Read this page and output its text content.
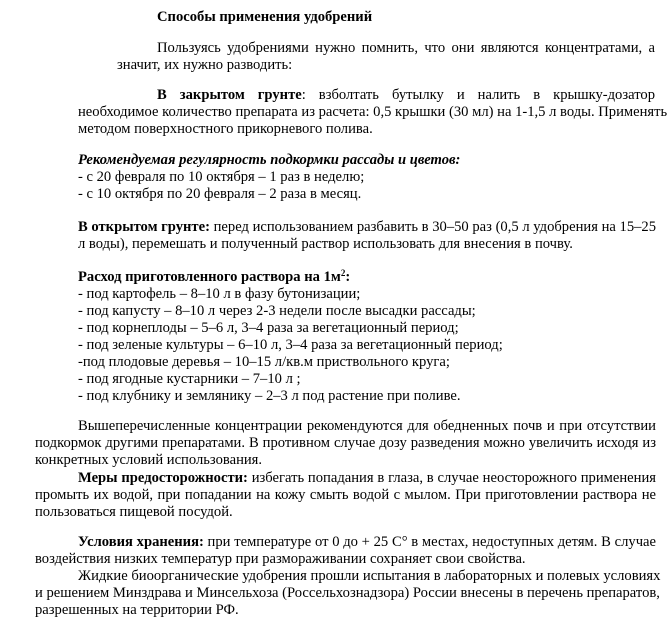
Способы применения удобрений
Пользуясь удобрениями нужно помнить, что они являются концентратами, а
значит, их нужно разводить:
В закрытом грунте: взболтать бутылку и налить в крышку-дозатор
необходимое количество препарата из расчета: 0,5 крышки (30 мл) на 1-1,5 л воды. Применять
методом поверхностного прикорневого полива.
Рекомендуемая регулярность подкормки рассады и цветов:
- с 20 февраля по 10 октября – 1 раз в неделю;
- с 10 октября по 20 февраля – 2 раза в месяц.
В открытом грунте: перед использованием разбавить в 30–50 раз (0,5 л удобрения на 15–25
л воды), перемешать и полученный раствор использовать для внесения в почву.
Расход приготовленного раствора на $1м^2$:
- под картофель – 8–10 л в фазу бутонизации;
- под капусту – 8–10 л через 2-3 недели после высадки рассады;
- под корнеплоды – 5–6 л, 3–4 раза за вегетационный период;
- под зеленые культуры – 6–10 л, 3–4 раза за вегетационный период;
-под плодовые деревья – 10–15 л/кв.м приствольного круга;
- под ягодные кустарники – 7–10 л ;
- под клубнику и землянику – 2–3 л под растение при поливе.
Вышеперечисленные концентрации рекомендуются для обедненных почв и при отсутствии
подкормок другими препаратами. В противном случае дозу разведения можно увеличить исходя из
конкретных условий использования.
Меры предосторожности: избегать попадания в глаза, в случае неосторожного применения
промыть их водой, при попадании на кожу смыть водой с мылом. При приготовлении раствора не
пользоваться пищевой посудой.
Условия хранения: при температуре от 0 до + 25 С° в местах, недоступных детям. В случае
воздействия низких температур при размораживании сохраняет свои свойства.
Жидкие биоорганические удобрения прошли испытания в лабораторных и полевых условиях
и решением Минздрава и Минсельхоза (Россельхознадзора) России внесены в перечень препаратов,
разрешенных на территории РФ.
